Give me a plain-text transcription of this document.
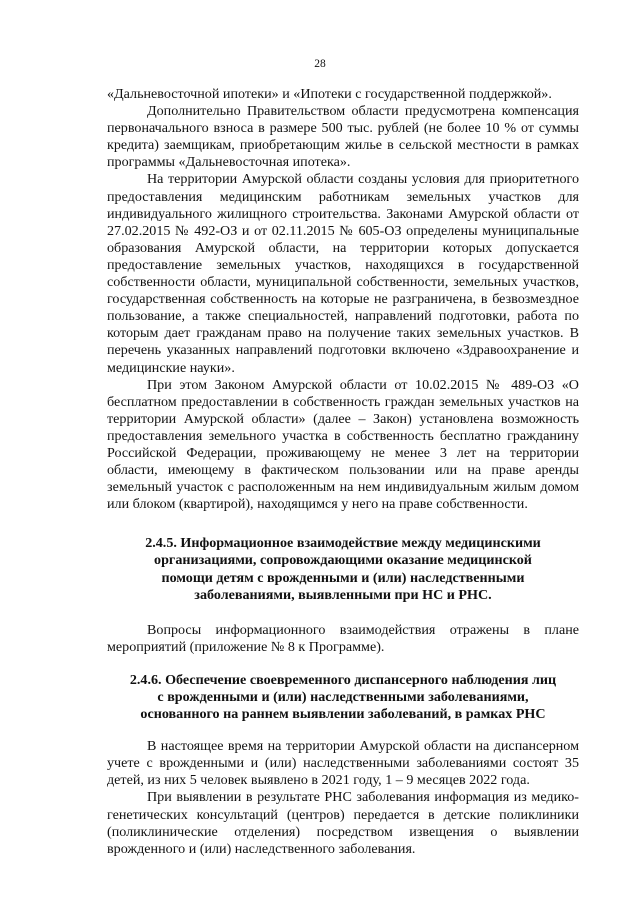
28

«Дальневосточной ипотеки» и «Ипотеки с государственной поддержкой».

Дополнительно Правительством области предусмотрена компенсация первоначального взноса в размере 500 тыс. рублей (не более 10 % от суммы кредита) заемщикам, приобретающим жилье в сельской местности в рамках программы «Дальневосточная ипотека».

На территории Амурской области созданы условия для приоритетного предоставления медицинским работникам земельных участков для индивидуального жилищного строительства. Законами Амурской области от 27.02.2015 № 492-ОЗ и от 02.11.2015 № 605-ОЗ определены муниципальные образования Амурской области, на территории которых допускается предоставление земельных участков, находящихся в государственной собственности области, муниципальной собственности, земельных участков, государственная собственность на которые не разграничена, в безвозмездное пользование, а также специальностей, направлений подготовки, работа по которым дает гражданам право на получение таких земельных участков. В перечень указанных направлений подготовки включено «Здравоохранение и медицинские науки».

При этом Законом Амурской области от 10.02.2015 № 489-ОЗ «О бесплатном предоставлении в собственность граждан земельных участков на территории Амурской области» (далее – Закон) установлена возможность предоставления земельного участка в собственность бесплатно гражданину Российской Федерации, проживающему не менее 3 лет на территории области, имеющему в фактическом пользовании или на праве аренды земельный участок с расположенным на нем индивидуальным жилым домом или блоком (квартирой), находящимся у него на праве собственности.

2.4.5. Информационное взаимодействие между медицинскими организациями, сопровождающими оказание медицинской помощи детям с врожденными и (или) наследственными заболеваниями, выявленными при НС и РНС.

Вопросы информационного взаимодействия отражены в плане мероприятий (приложение № 8 к Программе).

2.4.6. Обеспечение своевременного диспансерного наблюдения лиц с врожденными и (или) наследственными заболеваниями, основанного на раннем выявлении заболеваний, в рамках РНС

В настоящее время на территории Амурской области на диспансерном учете с врожденными и (или) наследственными заболеваниями состоят 35 детей, из них 5 человек выявлено в 2021 году, 1 – 9 месяцев 2022 года.

При выявлении в результате РНС заболевания информация из медико-генетических консультаций (центров) передается в детские поликлиники (поликлинические отделения) посредством извещения о выявлении врожденного и (или) наследственного заболевания.
